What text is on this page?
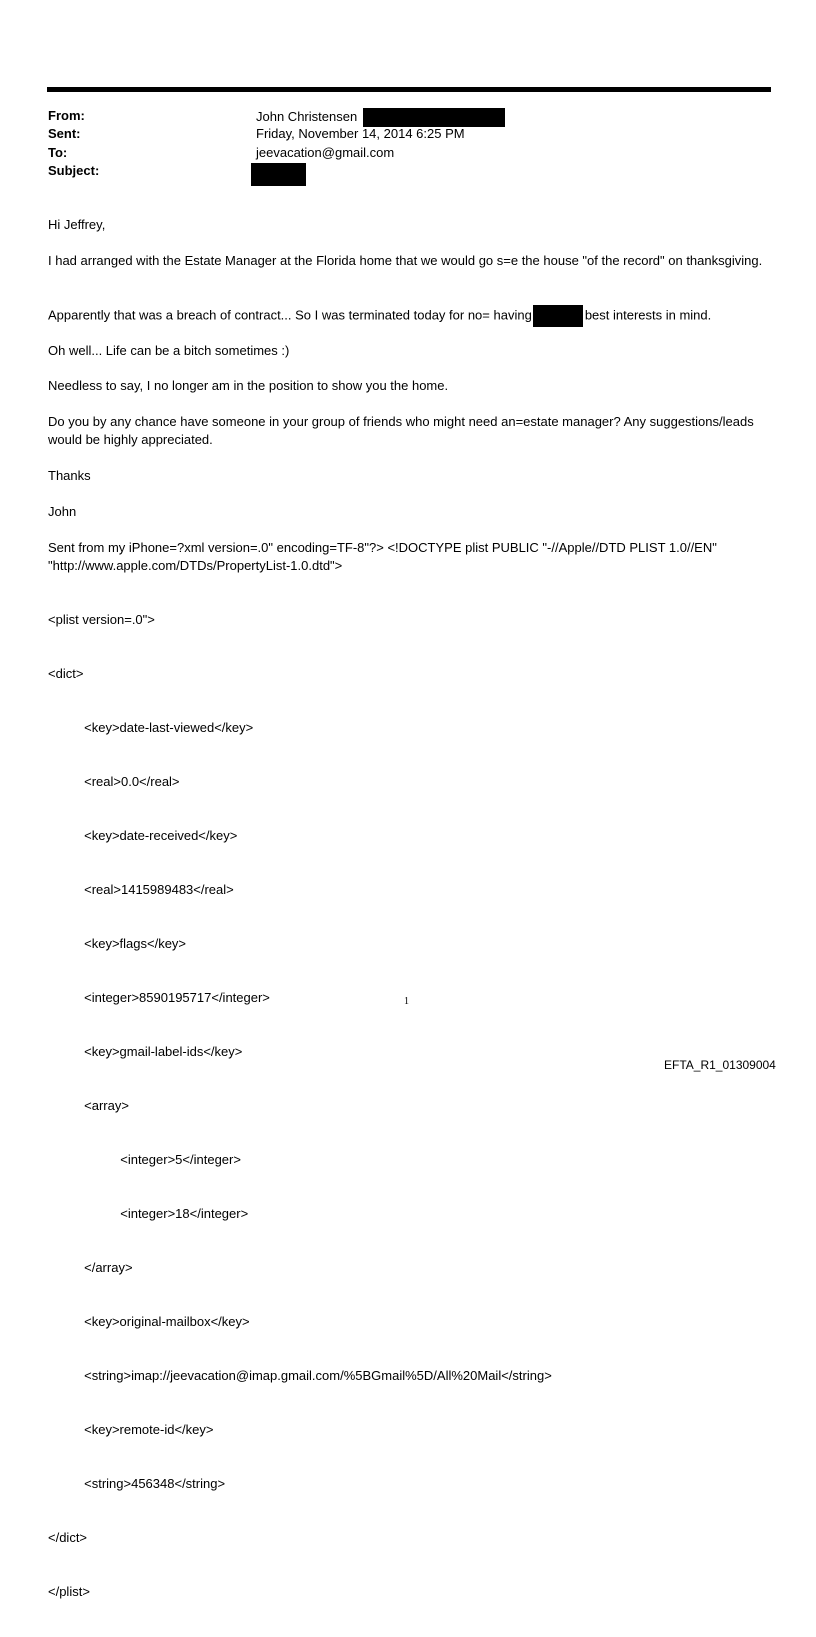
From:	John Christensen
Sent:	Friday, November 14, 2014 6:25 PM
To:	jeevacation@gmail.com
Subject:
Hi Jeffrey,
I had arranged with the Estate Manager at the Florida home that we would go s=e the house "of the record" on thanksgiving.
Apparently that was a breach of contract... So I was terminated today for no= having	best interests in mind.
Oh well... Life can be a bitch sometimes :)
Needless to say, I no longer am in the position to show you the home.
Do you by any chance have someone in your group of friends who might need an=estate manager? Any suggestions/leads would be highly appreciated.
Thanks
John
Sent from my iPhone=?xml version=.0" encoding=TF-8"?> <!DOCTYPE plist PUBLIC "-//Apple//DTD PLIST 1.0//EN"
"http://www.apple.com/DTDs/PropertyList-1.0.dtd">

<plist version=.0">

<dict>

<key>date-last-viewed</key>

<real>0.0</real>

<key>date-received</key>

<real>1415989483</real>

<key>flags</key>

<integer>8590195717</integer>

<key>gmail-label-ids</key>

<array>

<integer>5</integer>

<integer>18</integer>

</array>

<key>original-mailbox</key>

<string>imap://jeevacation@imap.gmail.com/%5BGmail%5D/All%20Mail</string>

<key>remote-id</key>

<string>456348</string>

</dict>

</plist>

1
EFTA_R1_01309004
